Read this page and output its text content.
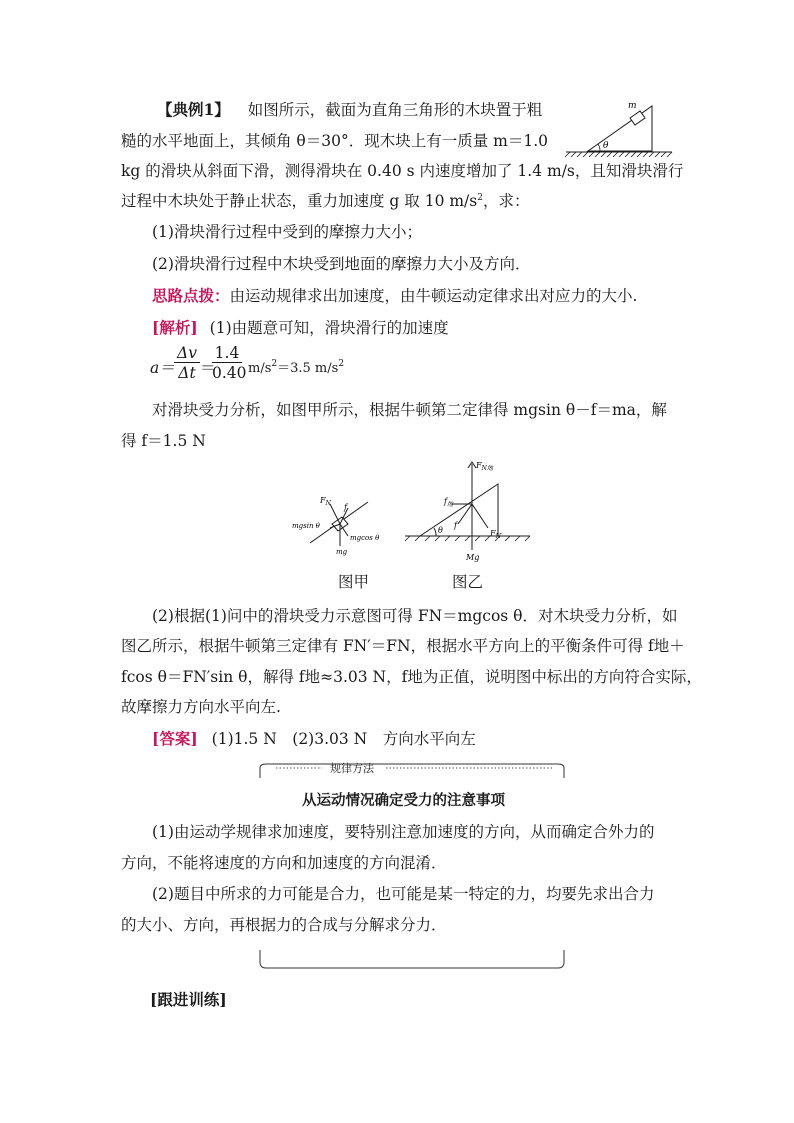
m
θ
【典例1】 如图所示，截面为直角三角形的木块置于粗
糙的水平地面上，其倾角 θ＝30°．现木块上有一质量 m＝1.0
kg 的滑块从斜面下滑，测得滑块在 0.40 s 内速度增加了 1.4 m/s，且知滑块滑行
过程中木块处于静止状态，重力加速度 g 取 10 $m/s^2$，求：
(1)滑块滑行过程中受到的摩擦力大小；
(2)滑块滑行过程中木块受到地面的摩擦力大小及方向．
思路点拨：由运动规律求出加速度，由牛顿运动定律求出对应力的大小.
[解析] (1)由题意可知，滑块滑行的加速度
$a= \frac{\Delta v}{\Delta t}$ ＝
$\frac{1.4}{0.40} m/s^2=3.5$ $m/s^2$
对滑块受力分析，如图甲所示，根据牛顿第二定律得 mgsin θ－f＝ma，解
得 f＝1.5 N
$F_N$ f
mgsin θ
mgcos θ
mg
图甲
$F_{N地}$
$f_地$
θ
f
$F_{N'}$
Mg
图乙
(2)根据(1)问中的滑块受力示意图可得 FN＝mgcos θ．对木块受力分析，如
图乙所示，根据牛顿第三定律有 FN′＝FN，根据水平方向上的平衡条件可得 f地＋
fcos θ＝FN′sin θ，解得 f地≈3.03 N，f地为正值，说明图中标出的方向符合实际，
故摩擦力方向水平向左.
[答案] (1)1.5 N　(2)3.03 N　方向水平向左
规律方法
从运动情况确定受力的注意事项
(1)由运动学规律求加速度，要特别注意加速度的方向，从而确定合外力的
方向，不能将速度的方向和加速度的方向混淆．
(2)题目中所求的力可能是合力，也可能是某一特定的力，均要先求出合力
的大小、方向，再根据力的合成与分解求分力．
[跟进训练]
